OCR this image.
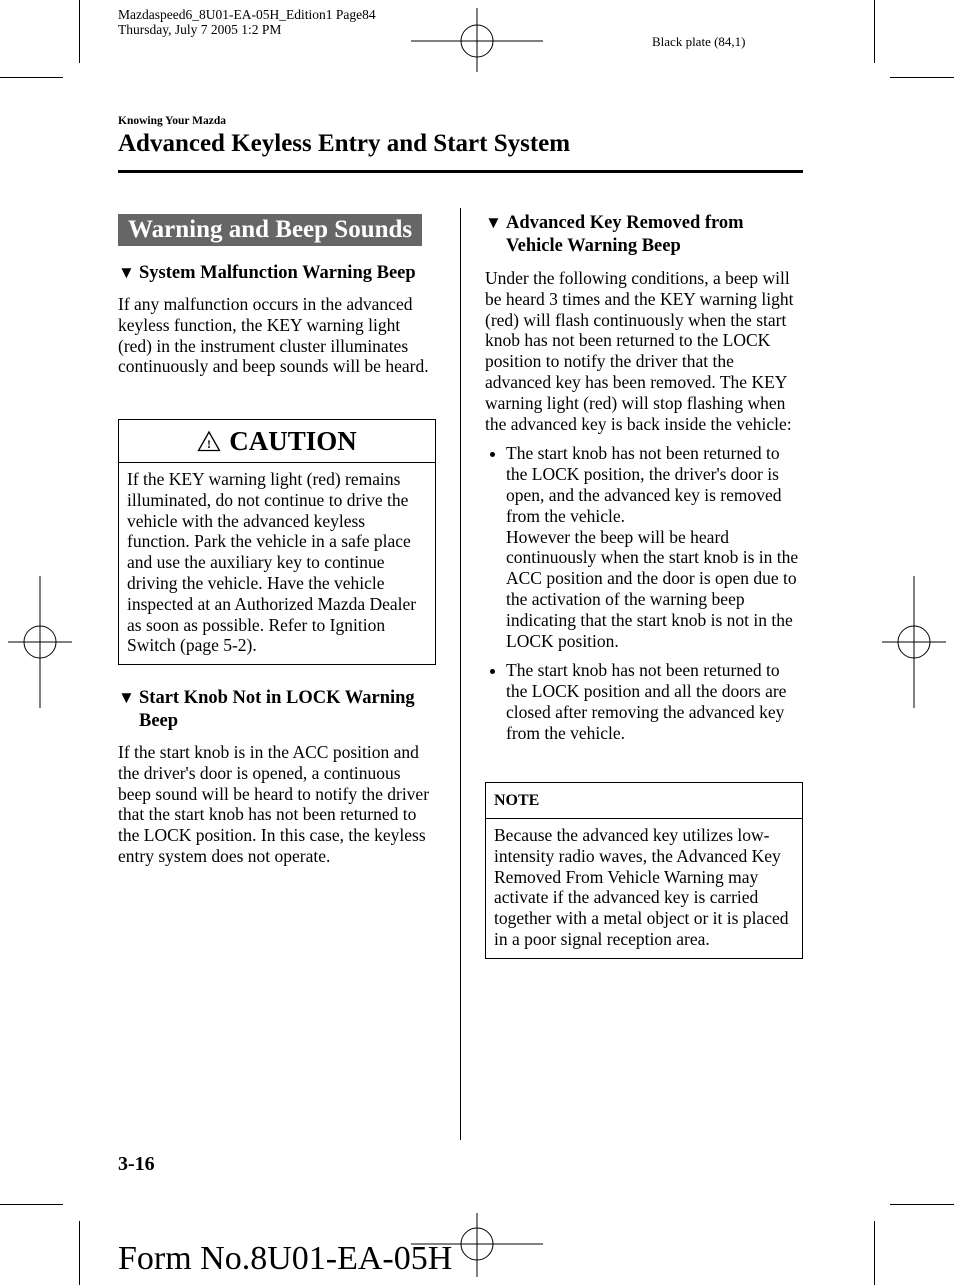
Mazdaspeed6_8U01-EA-05H_Edition1 Page84
Thursday, July 7 2005 1:2 PM
Black plate (84,1)
Knowing Your Mazda
Advanced Keyless Entry and Start System
Warning and Beep Sounds
▼ System Malfunction Warning Beep
If any malfunction occurs in the advanced keyless function, the KEY warning light (red) in the instrument cluster illuminates continuously and beep sounds will be heard.
! CAUTION
If the KEY warning light (red) remains illuminated, do not continue to drive the vehicle with the advanced keyless function. Park the vehicle in a safe place and use the auxiliary key to continue driving the vehicle. Have the vehicle inspected at an Authorized Mazda Dealer as soon as possible. Refer to Ignition Switch (page 5-2).
▼ Start Knob Not in LOCK Warning Beep
If the start knob is in the ACC position and the driver's door is opened, a continuous beep sound will be heard to notify the driver that the start knob has not been returned to the LOCK position. In this case, the keyless entry system does not operate.
▼ Advanced Key Removed from Vehicle Warning Beep
Under the following conditions, a beep will be heard 3 times and the KEY warning light (red) will flash continuously when the start knob has not been returned to the LOCK position to notify the driver that the advanced key has been removed. The KEY warning light (red) will stop flashing when the advanced key is back inside the vehicle:
The start knob has not been returned to the LOCK position, the driver's door is open, and the advanced key is removed from the vehicle.
However the beep will be heard continuously when the start knob is in the ACC position and the door is open due to the activation of the warning beep indicating that the start knob is not in the LOCK position.
The start knob has not been returned to the LOCK position and all the doors are closed after removing the advanced key from the vehicle.
NOTE
Because the advanced key utilizes low-intensity radio waves, the Advanced Key Removed From Vehicle Warning may activate if the advanced key is carried together with a metal object or it is placed in a poor signal reception area.
3-16
Form No.8U01-EA-05H
